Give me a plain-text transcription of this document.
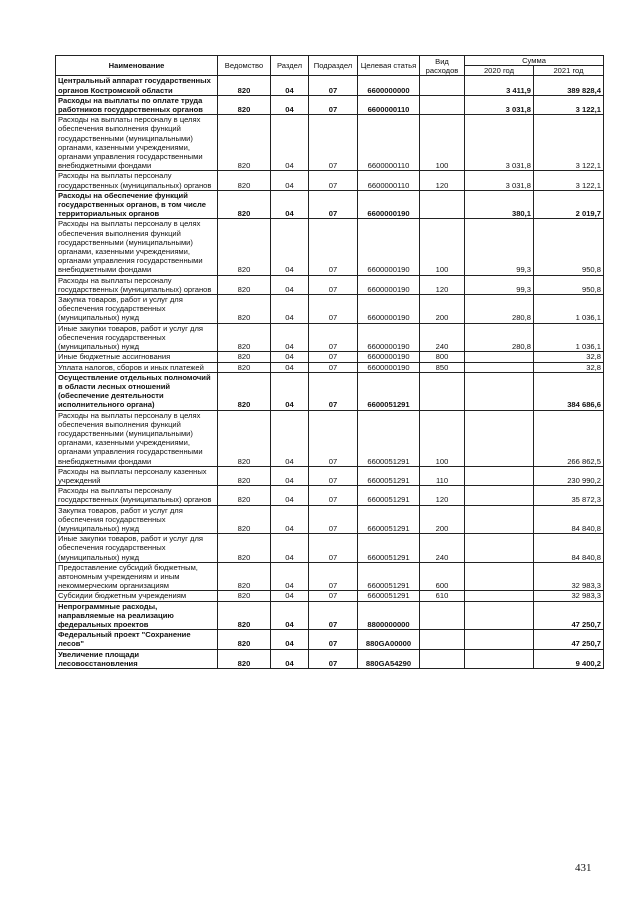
Наименование	Ведомство	Раздел	Подраздел	Целевая статья	Вид расходов	Сумма	
						2020 год	2021 год
Центральный аппарат государственных органов Костромской области	820	04	07	6600000000		3 411,9	389 828,4
Расходы на выплаты по оплате труда работников государственных органов	820	04	07	6600000110		3 031,8	3 122,1
Расходы на выплаты персоналу в целях обеспечения выполнения функций государственными (муниципальными) органами, казенными учреждениями, органами управления государственными внебюджетными фондами	820	04	07	6600000110	100	3 031,8	3 122,1
Расходы на выплаты персоналу государственных (муниципальных) органов	820	04	07	6600000110	120	3 031,8	3 122,1
Расходы на обеспечение функций государственных органов, в том числе территориальных органов	820	04	07	6600000190		380,1	2 019,7
Расходы на выплаты персоналу в целях обеспечения выполнения функций государственными (муниципальными) органами, казенными учреждениями, органами управления государственными внебюджетными фондами	820	04	07	6600000190	100	99,3	950,8
Расходы на выплаты персоналу государственных (муниципальных) органов	820	04	07	6600000190	120	99,3	950,8
Закупка товаров, работ и услуг для обеспечения государственных (муниципальных) нужд	820	04	07	6600000190	200	280,8	1 036,1
Иные закупки товаров, работ и услуг для обеспечения государственных (муниципальных) нужд	820	04	07	6600000190	240	280,8	1 036,1
Иные бюджетные ассигнования	820	04	07	6600000190	800		32,8
Уплата налогов, сборов и иных платежей	820	04	07	6600000190	850		32,8
Осуществление отдельных полномочий в области лесных отношений (обеспечение деятельности исполнительного органа)	820	04	07	6600051291			384 686,6
Расходы на выплаты персоналу в целях обеспечения выполнения функций государственными (муниципальными) органами, казенными учреждениями, органами управления государственными внебюджетными фондами	820	04	07	6600051291	100		266 862,5
Расходы на выплаты персоналу казенных учреждений	820	04	07	6600051291	110		230 990,2
Расходы на выплаты персоналу государственных (муниципальных) органов	820	04	07	6600051291	120		35 872,3
Закупка товаров, работ и услуг для обеспечения государственных (муниципальных) нужд	820	04	07	6600051291	200		84 840,8
Иные закупки товаров, работ и услуг для обеспечения государственных (муниципальных) нужд	820	04	07	6600051291	240		84 840,8
Предоставление субсидий бюджетным, автономным учреждениям и иным некоммерческим организациям	820	04	07	6600051291	600		32 983,3
Субсидии бюджетным учреждениям	820	04	07	6600051291	610		32 983,3
Непрограммные расходы, направляемые на реализацию федеральных проектов	820	04	07	8800000000			47 250,7
Федеральный проект "Сохранение лесов"	820	04	07	880GA00000			47 250,7
Увеличение площади лесовосстановления	820	04	07	880GA54290			9 400,2
431
